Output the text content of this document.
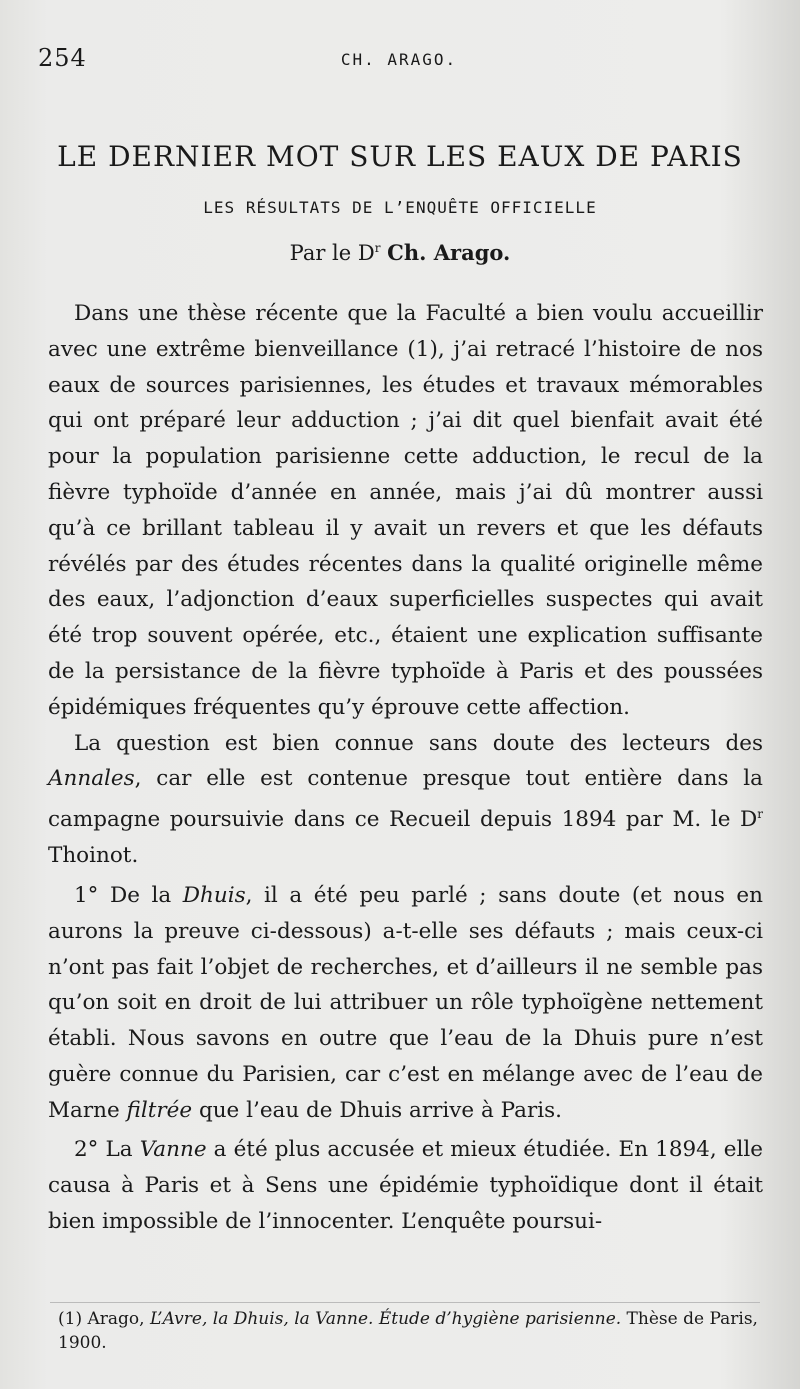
254	CH. ARAGO.
LE DERNIER MOT SUR LES EAUX DE PARIS
LES RÉSULTATS DE L’ENQUÊTE OFFICIELLE
Par le $D^r$ Ch. Arago.

Dans une thèse récente que la Faculté a bien voulu accueillir avec une extrême bienveillance (1), j’ai retracé l’histoire de nos eaux de sources parisiennes, les études et travaux mémorables qui ont préparé leur adduction ; j’ai dit quel bienfait avait été pour la population parisienne cette adduction, le recul de la fièvre typhoïde d’année en année, mais j’ai dû montrer aussi qu’à ce brillant tableau il y avait un revers et que les défauts révélés par des études récentes dans la qualité originelle même des eaux, l’adjonction d’eaux superficielles suspectes qui avait été trop souvent opérée, etc., étaient une explication suffisante de la persistance de la fièvre typhoïde à Paris et des poussées épidémiques fréquentes qu’y éprouve cette affection.

La question est bien connue sans doute des lecteurs des Annales, car elle est contenue presque tout entière dans la campagne poursuivie dans ce Recueil depuis 1894 par M. le $D^r$ Thoinot.

1° De la Dhuis, il a été peu parlé ; sans doute (et nous en aurons la preuve ci-dessous) a-t-elle ses défauts ; mais ceux-ci n’ont pas fait l’objet de recherches, et d’ailleurs il ne semble pas qu’on soit en droit de lui attribuer un rôle typhoïgène nettement établi. Nous savons en outre que l’eau de la Dhuis pure n’est guère connue du Parisien, car c’est en mélange avec de l’eau de Marne filtrée que l’eau de Dhuis arrive à Paris.

2° La Vanne a été plus accusée et mieux étudiée. En 1894, elle causa à Paris et à Sens une épidémie typhoïdique dont il était bien impossible de l’innocenter. L’enquête poursui-

(1) Arago, L’Avre, la Dhuis, la Vanne. Étude d’hygiène parisienne. Thèse de Paris, 1900.
